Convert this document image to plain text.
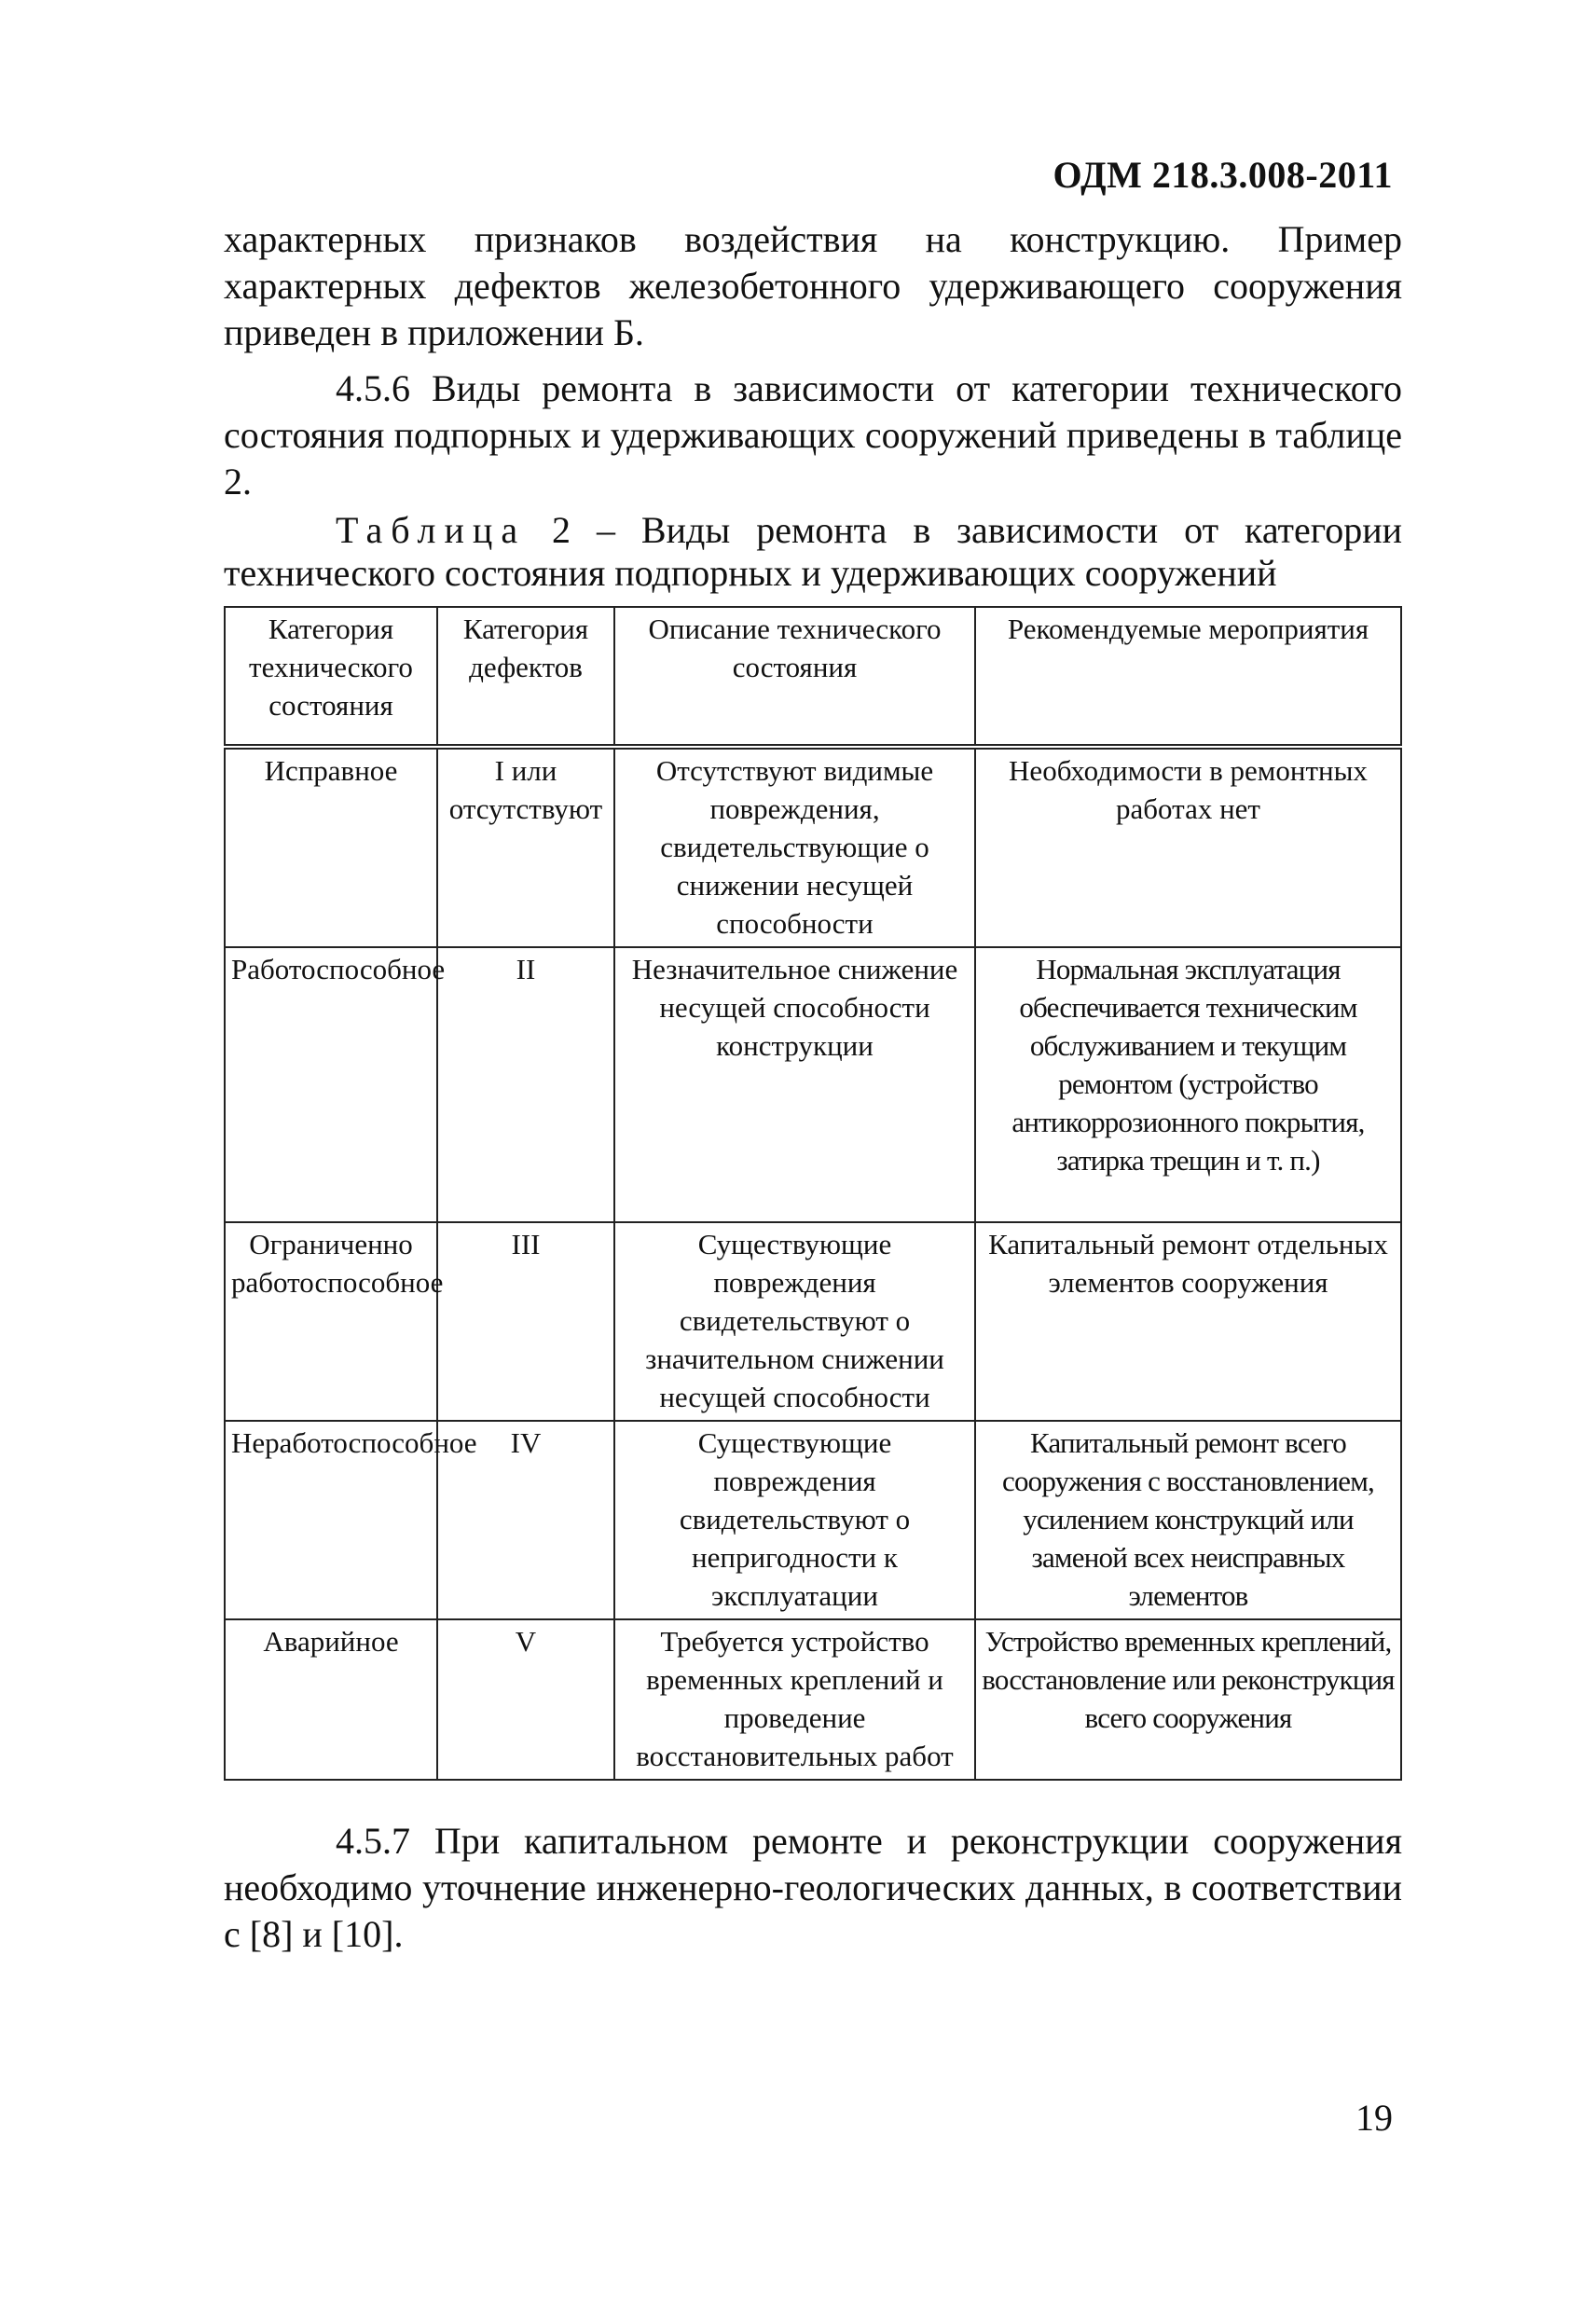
ОДМ 218.3.008-2011

характерных признаков воздействия на конструкцию. Пример характерных дефектов железобетонного удерживающего сооружения приведен в приложении Б.

4.5.6 Виды ремонта в зависимости от категории технического состояния подпорных и удерживающих сооружений приведены в таблице 2.

Таблица 2 – Виды ремонта в зависимости от категории технического состояния подпорных и удерживающих сооружений
Категория технического состояния	Категория дефектов	Описание технического состояния	Рекомендуемые мероприятия
Исправное	I или отсутствуют	Отсутствуют видимые повреждения, свидетельствующие о снижении несущей способности	Необходимости в ремонтных работах нет
Работоспособное	II	Незначительное снижение несущей способности конструкции	Нормальная эксплуатация обеспечивается техническим обслуживанием и текущим ремонтом (устройство антикоррозионного покрытия, затирка трещин и т. п.)
Ограниченно работоспособное	III	Существующие повреждения свидетельствуют о значительном снижении несущей способности	Капитальный ремонт отдельных элементов сооружения
Неработоспособное	IV	Существующие повреждения свидетельствуют о непригодности к эксплуатации	Капитальный ремонт всего сооружения с восстановлением, усилением конструкций или заменой всех неисправных элементов
Аварийное	V	Требуется устройство временных креплений и проведение восстановительных работ	Устройство временных креплений, восстановление или реконструкция всего сооружения

4.5.7 При капитальном ремонте и реконструкции сооружения необходимо уточнение инженерно-геологических данных, в соответствии с [8] и [10].

19
